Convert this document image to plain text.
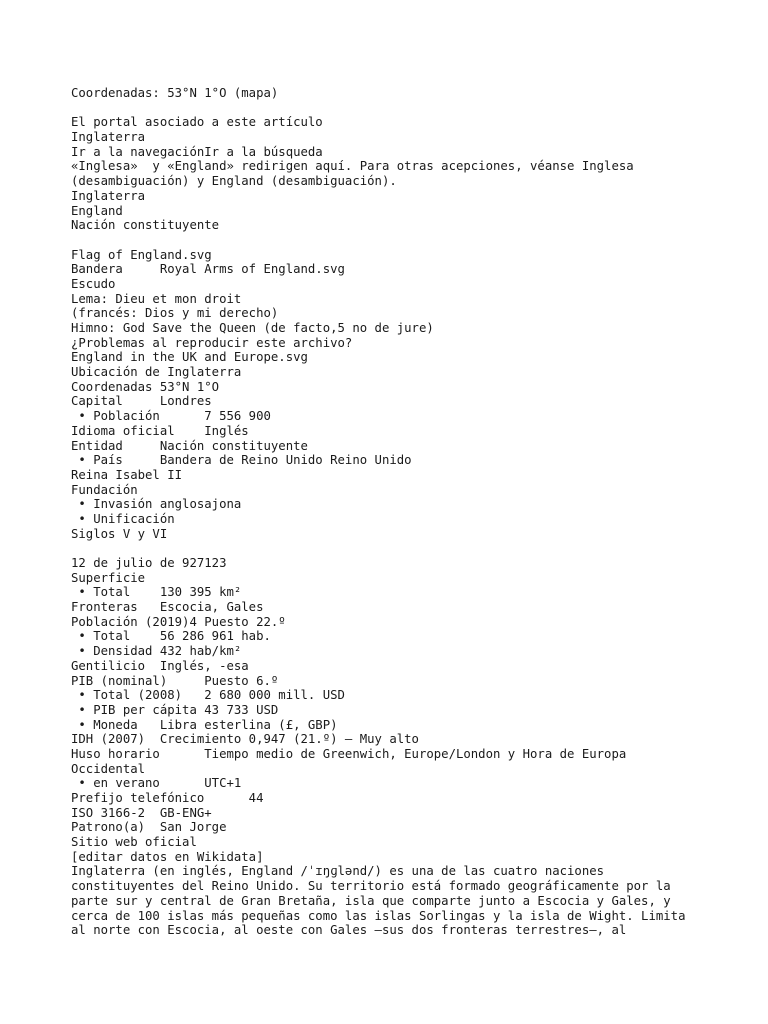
Coordenadas: 53°N 1°O (mapa)
El portal asociado a este artículo
Inglaterra
Ir a la navegaciónIr a la búsqueda
«Inglesa»  y «England» redirigen aquí. Para otras acepciones, véanse Inglesa
(desambiguación) y England (desambiguación).
Inglaterra
England
Nación constituyente
Flag of England.svg
Bandera     Royal Arms of England.svg
Escudo
Lema: Dieu et mon droit
(francés: Dios y mi derecho)
Himno: God Save the Queen (de facto,5 no de jure)
¿Problemas al reproducir este archivo?
England in the UK and Europe.svg
Ubicación de Inglaterra
Coordenadas 53°N 1°O
Capital     Londres
• Población      7 556 900
Idioma oficial    Inglés
Entidad     Nación constituyente
• País     Bandera de Reino Unido Reino Unido
Reina Isabel II
Fundación
• Invasión anglosajona
• Unificación
Siglos V y VI
12 de julio de 927123
Superficie
• Total    130 395 km²
Fronteras   Escocia, Gales
Población (2019)4 Puesto 22.º
• Total    56 286 961 hab.
• Densidad 432 hab/km²
Gentilicio  Inglés, -esa
PIB (nominal)     Puesto 6.º
• Total (2008)   2 680 000 mill. USD
• PIB per cápita 43 733 USD
• Moneda   Libra esterlina (£, GBP)
IDH (2007)  Crecimiento 0,947 (21.º) – Muy alto
Huso horario      Tiempo medio de Greenwich, Europe/London y Hora de Europa
Occidental
• en verano      UTC+1
Prefijo telefónico      44
ISO 3166-2  GB-ENG+
Patrono(a)  San Jorge
Sitio web oficial
[editar datos en Wikidata]
Inglaterra (en inglés, England /ˈɪŋɡlənd/) es una de las cuatro naciones
constituyentes del Reino Unido. Su territorio está formado geográficamente por la
parte sur y central de Gran Bretaña, isla que comparte junto a Escocia y Gales, y
cerca de 100 islas más pequeñas como las islas Sorlingas y la isla de Wight. Limita
al norte con Escocia, al oeste con Gales —sus dos fronteras terrestres—, al
